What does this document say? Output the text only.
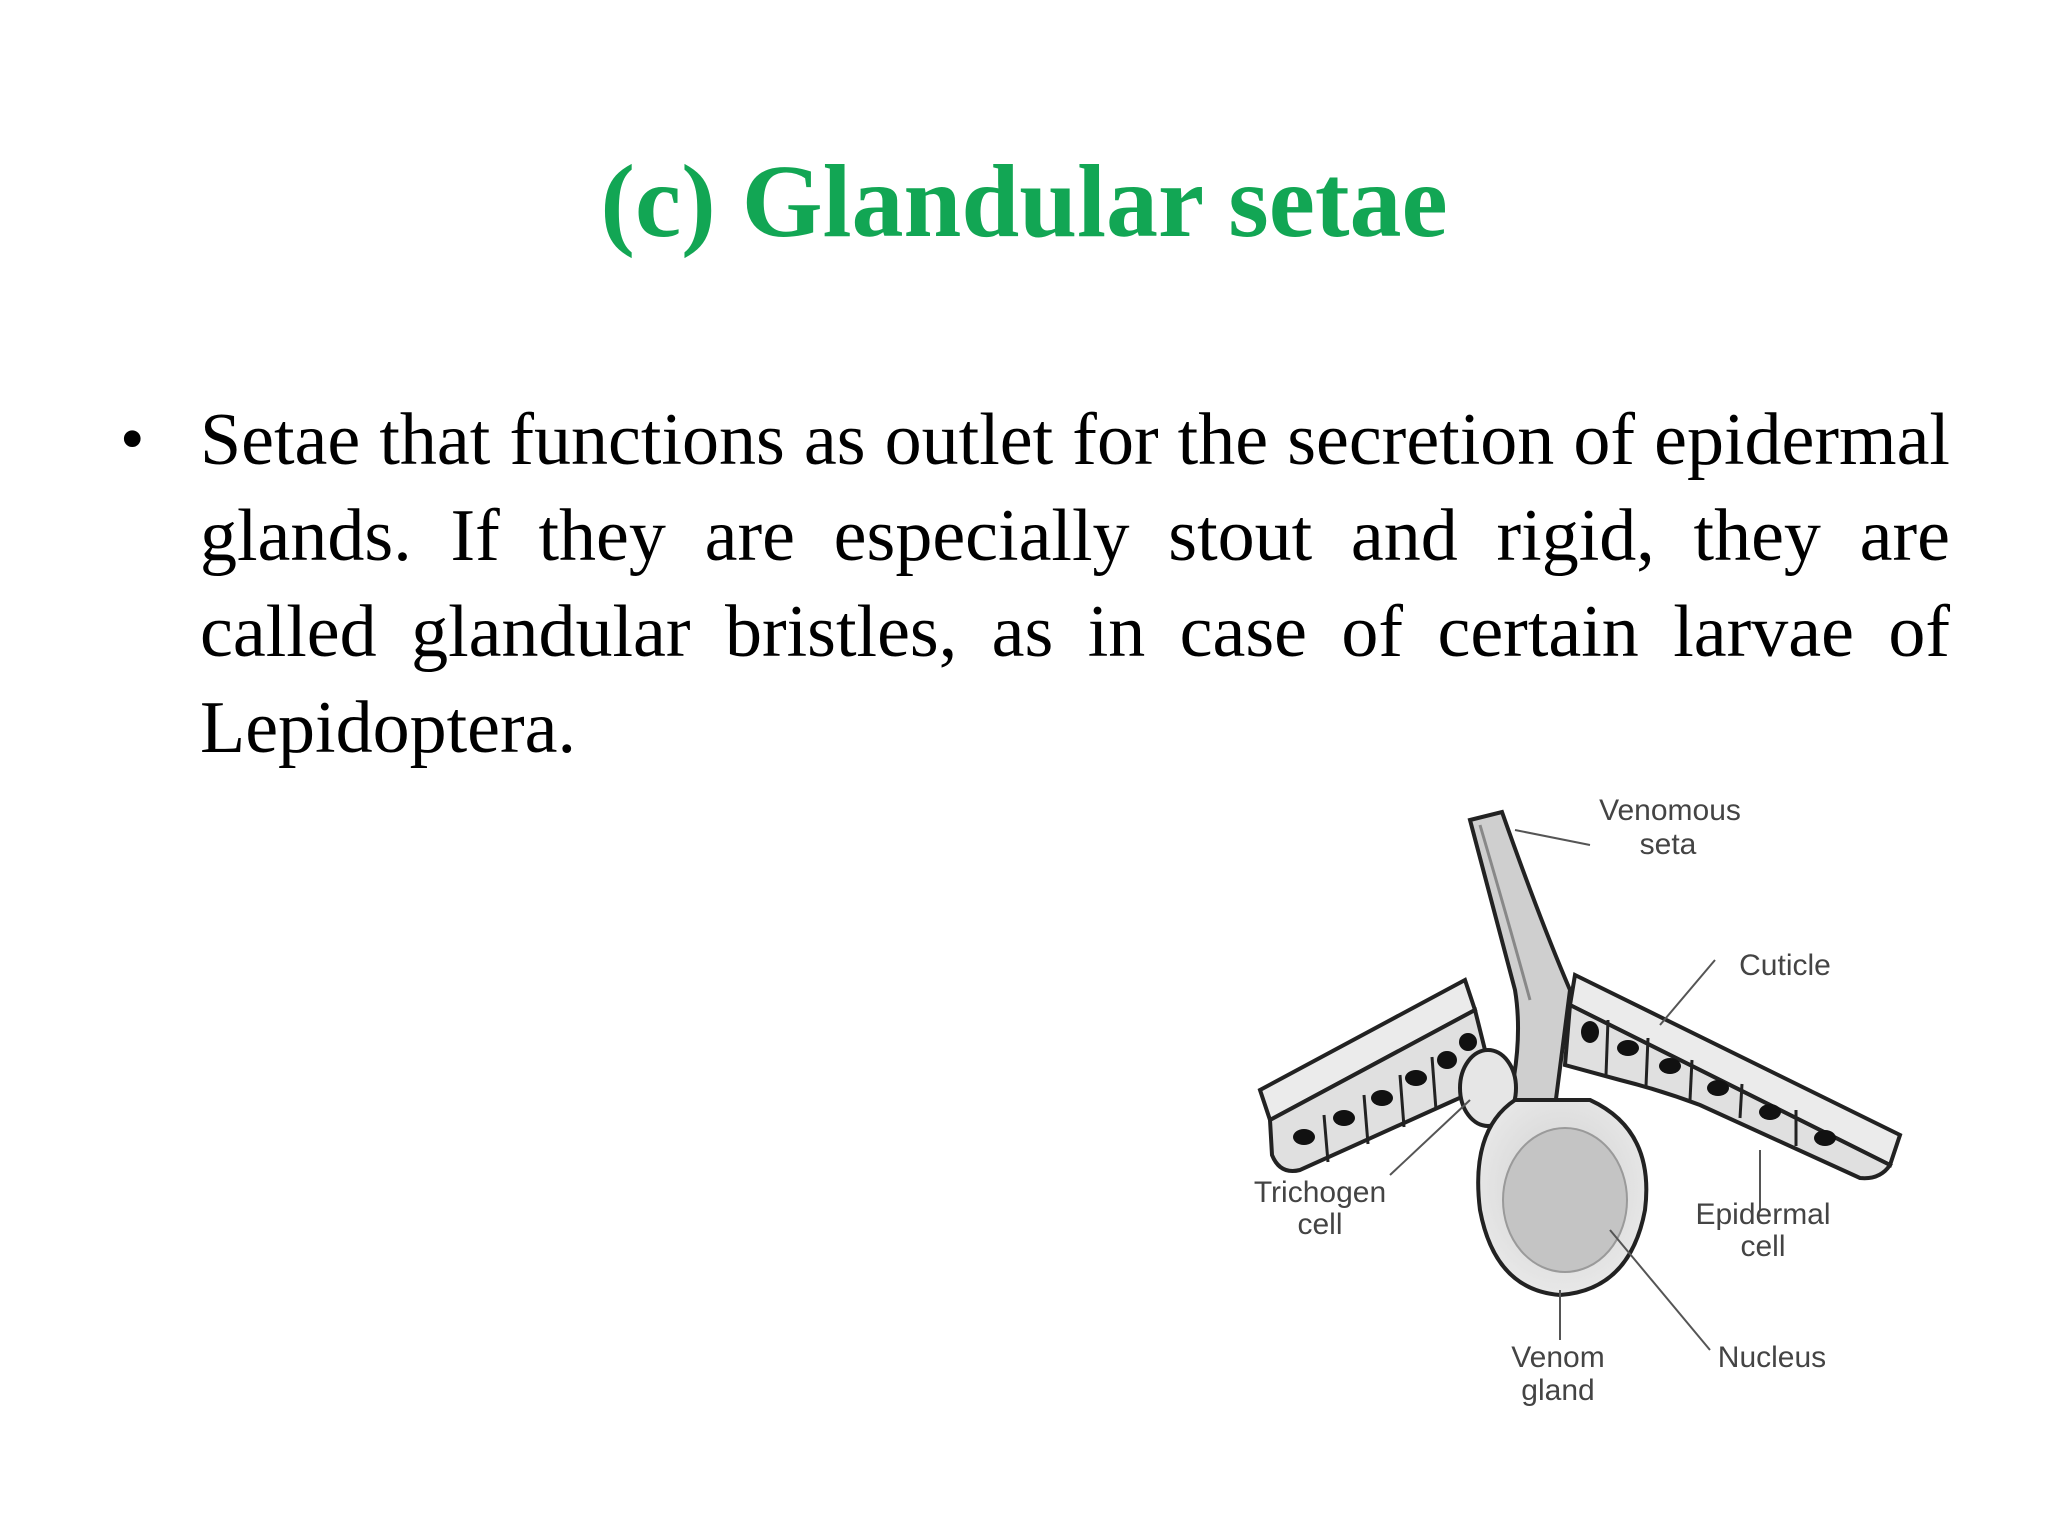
(c) Glandular setae
• Setae that functions as outlet for the secretion of epidermal glands. If they are especially stout and rigid, they are called glandular bristles, as in case of certain larvae of Lepidoptera.
Venomous
seta
Cuticle
Trichogen
cell	Epidermal
cell
Venom
gland
Nucleus
